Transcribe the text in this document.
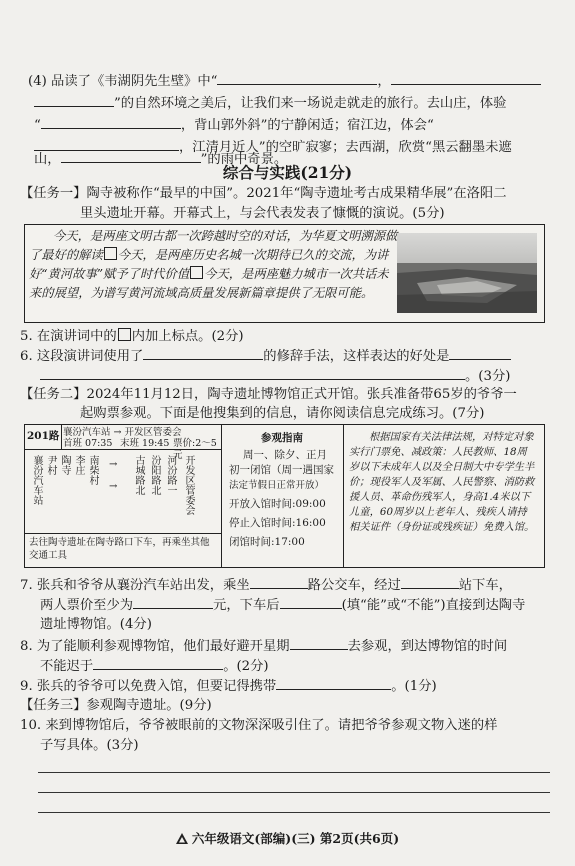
(4) 品读了《韦湖阴先生壁》中“	，
”的自然环境之美后，让我们来一场说走就走的旅行。去山庄，体验
“	，背山郭外斜”的宁静闲适；宿江边，体会“
，江清月近人”的空旷寂寥；去西湖，欣赏“黑云翻墨未遮
山，	”的雨中奇景。
综合与实践(21分)
【任务一】陶寺被称作“最早的中国”。2021年“陶寺遗址考古成果精华展”在洛阳二
里头遗址开幕。开幕式上，与会代表发表了慷慨的演说。(5分)
今天，是两座文明古都一次跨越时空的对话，为华夏文明溯源做了最好的解读 今天，是两座历史名城一次期待已久的交流，为讲好“黄河故事”赋予了时代价值 今天，是两座魅力城市一次共话未来的展望，为谱写黄河流域高质量发展新篇章提供了无限可能。
5. 在演讲词中的 内加上标点。(2分)
6. 这段演讲词使用了	的修辞手法，这样表达的好处是
。(3分)
【任务二】2024年11月12日，陶寺遗址博物馆正式开馆。张兵准备带65岁的爷爷一
起购票参观。下面是他搜集到的信息，请你阅读信息完成练习。(7分)
201路 襄汾汽车站 → 开发区管委会
首班 07:35 末班 19:45 票价:2～5元
襄汾汽车站 尹村 陶寺 李庄 南柴村 →
→ 古城路北 汾阳路北 河汾路一 开发区管委会
去往陶寺遗址在陶寺路口下车，再乘坐其他交通工具
参观指南
周一、除夕、正月
初一闭馆（周一遇国家
法定节假日正常开放）
开放入馆时间:09:00
停止入馆时间:16:00
闭馆时间:17:00
根据国家有关法律法规，对特定对象实行门票免、减政策：人民教师、18周岁以下未成年人以及全日制大中专学生半价；现役军人及军属、人民警察、消防救援人员、革命伤残军人，身高1.4米以下儿童，60周岁以上老年人、残疾人请持相关证件（身份证或残疾证）免费入馆。
7. 张兵和爷爷从襄汾汽车站出发，乘坐	路公交车，经过	站下车，
两人票价至少为	元，下车后	(填“能”或“不能”)直接到达陶寺
遗址博物馆。(4分)
8. 为了能顺利参观博物馆，他们最好避开星期	去参观，到达博物馆的时间
不能迟于	。(2分)
9. 张兵的爷爷可以免费入馆，但要记得携带	。(1分)
【任务三】参观陶寺遗址。(9分)
10. 来到博物馆后，爷爷被眼前的文物深深吸引住了。请把爷爷参观文物入迷的样
子写具体。(3分)
六年级语文(部编)(三) 第2页(共6页)
